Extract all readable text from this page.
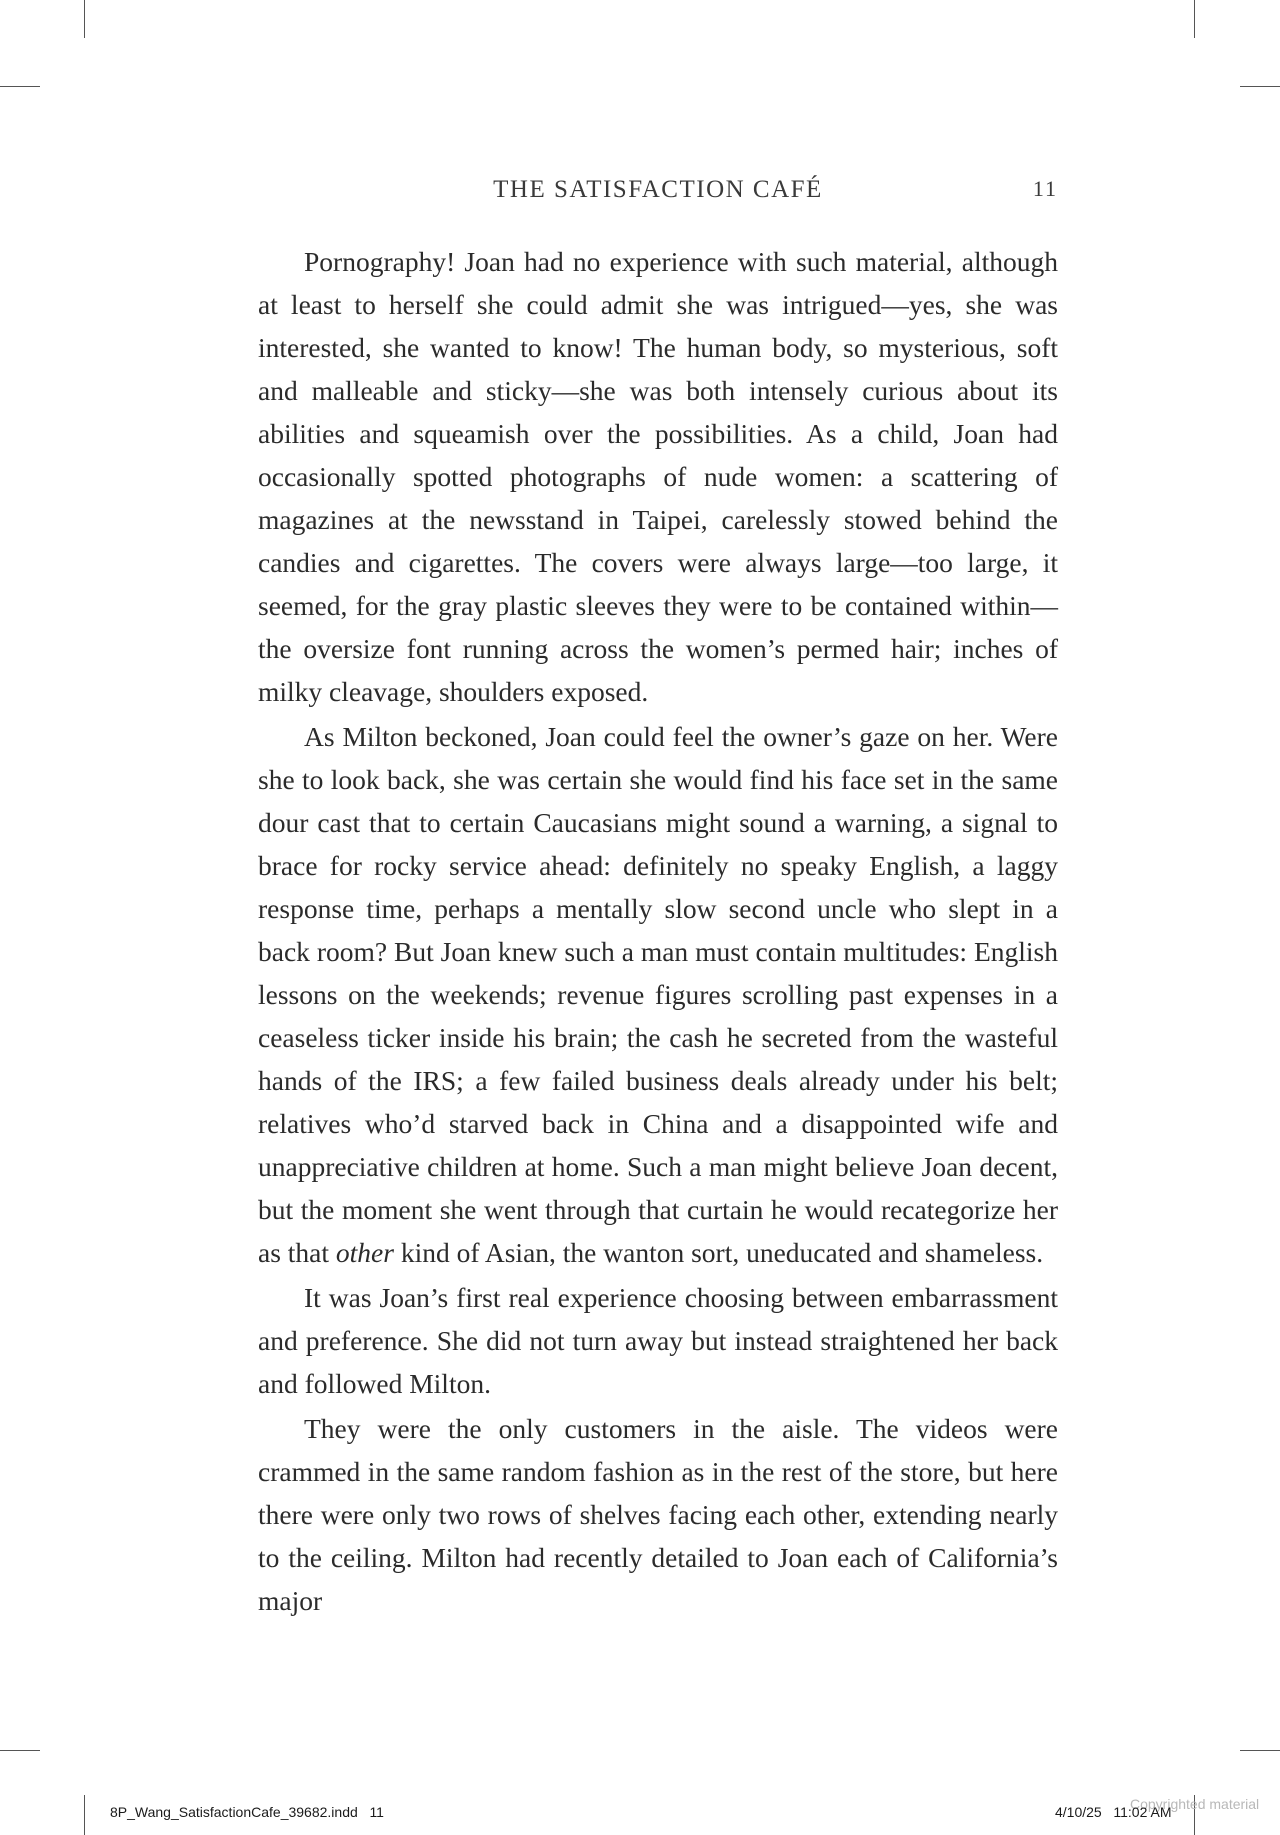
THE SATISFACTION CAFÉ	11

Pornography! Joan had no experience with such material, although at least to herself she could admit she was intrigued—yes, she was interested, she wanted to know! The human body, so mysterious, soft and malleable and sticky—she was both intensely curious about its abilities and squeamish over the possibilities. As a child, Joan had occasionally spotted photographs of nude women: a scattering of magazines at the newsstand in Taipei, carelessly stowed behind the candies and cigarettes. The covers were always large—too large, it seemed, for the gray plastic sleeves they were to be contained within—the oversize font running across the women’s permed hair; inches of milky cleavage, shoulders exposed.

As Milton beckoned, Joan could feel the owner’s gaze on her. Were she to look back, she was certain she would find his face set in the same dour cast that to certain Caucasians might sound a warning, a signal to brace for rocky service ahead: definitely no speaky English, a laggy response time, perhaps a mentally slow second uncle who slept in a back room? But Joan knew such a man must contain multitudes: English lessons on the weekends; revenue figures scrolling past expenses in a ceaseless ticker inside his brain; the cash he secreted from the wasteful hands of the IRS; a few failed business deals already under his belt; relatives who’d starved back in China and a disappointed wife and unappreciative children at home. Such a man might believe Joan decent, but the moment she went through that curtain he would recategorize her as that other kind of Asian, the wanton sort, uneducated and shameless.

It was Joan’s first real experience choosing between embarrassment and preference. She did not turn away but instead straightened her back and followed Milton.

They were the only customers in the aisle. The videos were crammed in the same random fashion as in the rest of the store, but here there were only two rows of shelves facing each other, extending nearly to the ceiling. Milton had recently detailed to Joan each of California’s major

8P_Wang_SatisfactionCafe_39682.indd   11	Copyrighted material
4/10/25   11:02 AM
